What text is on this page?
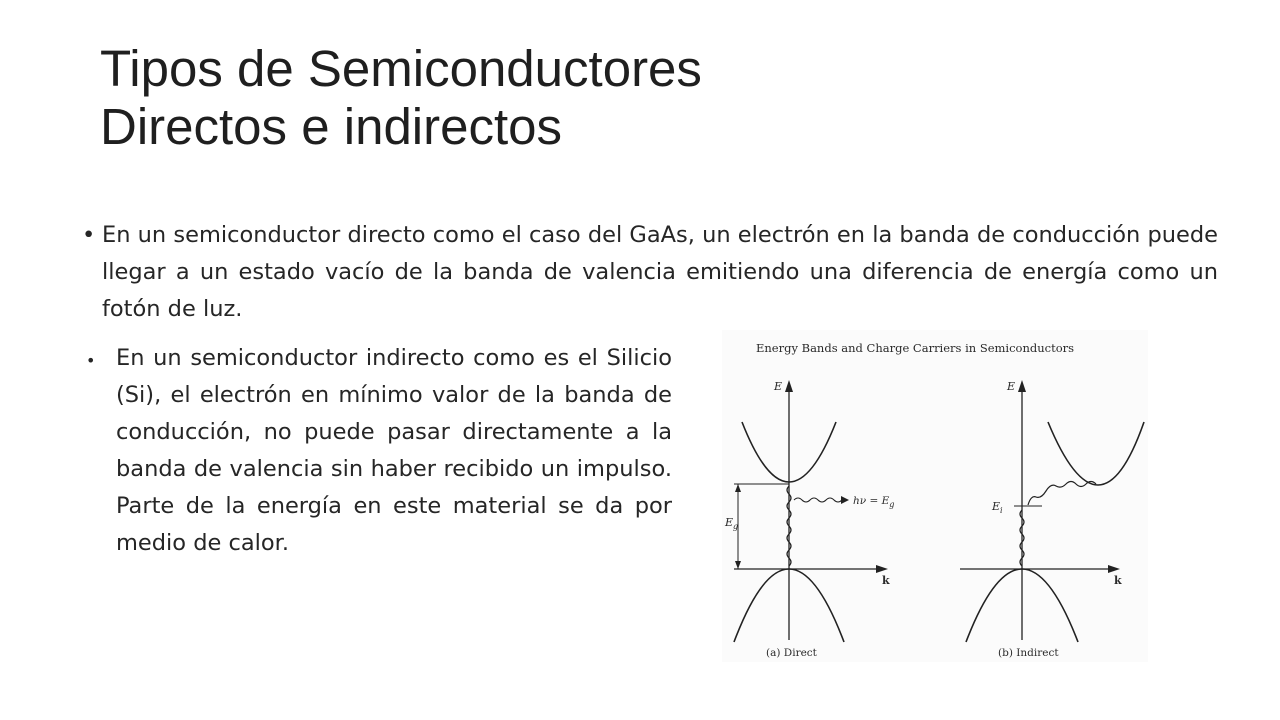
Tipos de Semiconductores
Directos e indirectos
• En un semiconductor directo como el caso del GaAs, un electrón en la banda de conducción puede llegar a un estado vacío de la banda de valencia emitiendo una diferencia de energía como un fotón de luz.
• En un semiconductor indirecto como es el Silicio (Si), el electrón en mínimo valor de la banda de conducción, no puede pasar directamente a la banda de valencia sin haber recibido un impulso. Parte de la energía en este material se da por medio de calor.
Energy Bands and Charge Carriers in Semiconductors
E
k
$E_g$
$h\nu = E_g$
(a) Direct
E
k
$E_i$
(b) Indirect
